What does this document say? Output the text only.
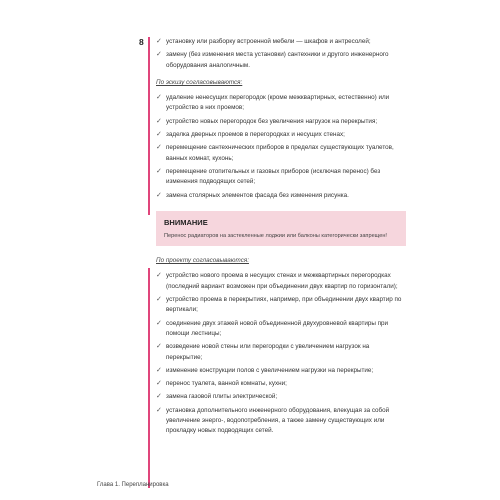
8
Глава 1. Перепланировка
✓ установку или разборку встроенной мебели — шкафов и антресолей;
✓ замену (без изменения места установки) сантехники и другого инженерного оборудования аналогичным.
По эскизу согласовываются:
✓ удаление ненесущих перегородок (кроме межквартирных, естественно) или устройство в них проемов;
✓ устройство новых перегородок без увеличения нагрузок на перекрытия;
✓ заделка дверных проемов в перегородках и несущих стенах;
✓ перемещение сантехнических приборов в пределах существующих туалетов, ванных комнат, кухонь;
✓ перемещение отопительных и газовых приборов (исключая перенос) без изменения подводящих сетей;
✓ замена столярных элементов фасада без изменения рисунка.
ВНИМАНИЕ
Перенос радиаторов на застекленные лоджии или балконы категорически запрещен!
По проекту согласовываются:
✓ устройство нового проема в несущих стенах и межквартирных перегородках (последний вариант возможен при объединении двух квартир по горизонтали);
✓ устройство проема в перекрытиях, например, при объединении двух квартир по вертикали;
✓ соединение двух этажей новой объединенной двухуровневой квартиры при помощи лестницы;
✓ возведение новой стены или перегородки с увеличением нагрузок на перекрытие;
✓ изменение конструкции полов с увеличением нагрузки на перекрытие;
✓ перенос туалета, ванной комнаты, кухни;
✓ замена газовой плиты электрической;
✓ установка дополнительного инженерного оборудования, влекущая за собой увеличение энерго-, водопотребления, а также замену существующих или прокладку новых подводящих сетей.
